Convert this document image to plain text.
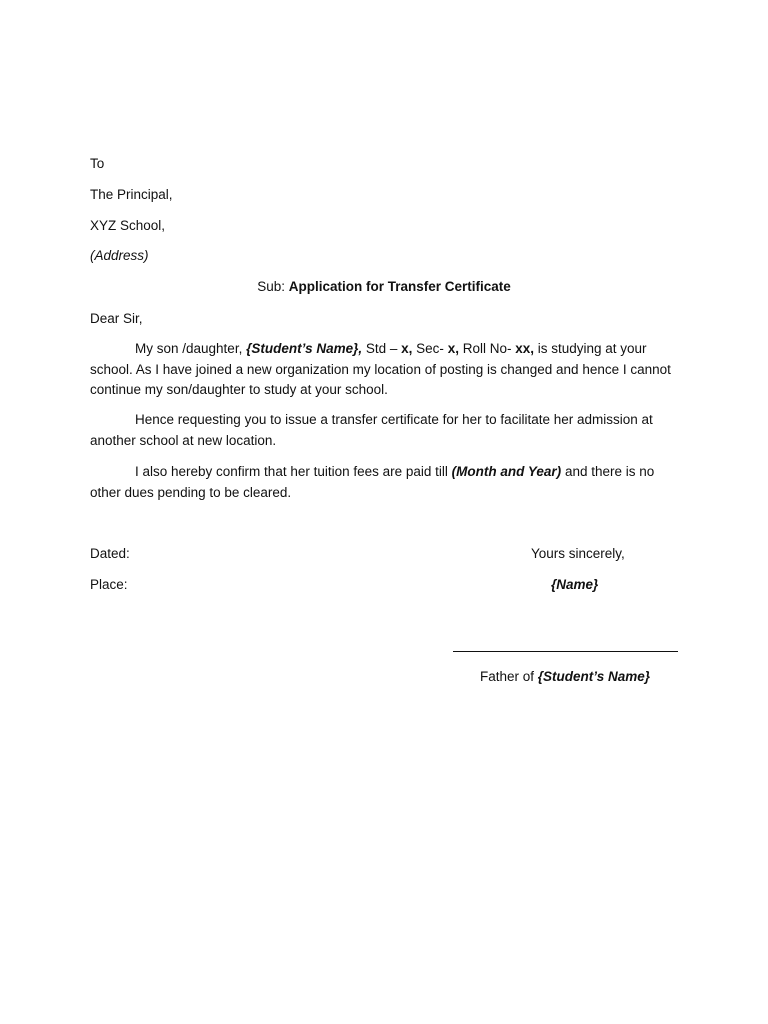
To
The Principal,
XYZ School,
(Address)
Sub: Application for Transfer Certificate
Dear Sir,
My son /daughter, {Student’s Name}, Std – x, Sec- x, Roll No- xx, is studying at your school. As I have joined a new organization my location of posting is changed and hence I cannot continue my son/daughter to study at your school.
Hence requesting you to issue a transfer certificate for her to facilitate her admission at another school at new location.
I also hereby confirm that her tuition fees are paid till (Month and Year) and there is no other dues pending to be cleared.
Dated:
Place:
Yours sincerely,
{Name}
Father of {Student’s Name}
